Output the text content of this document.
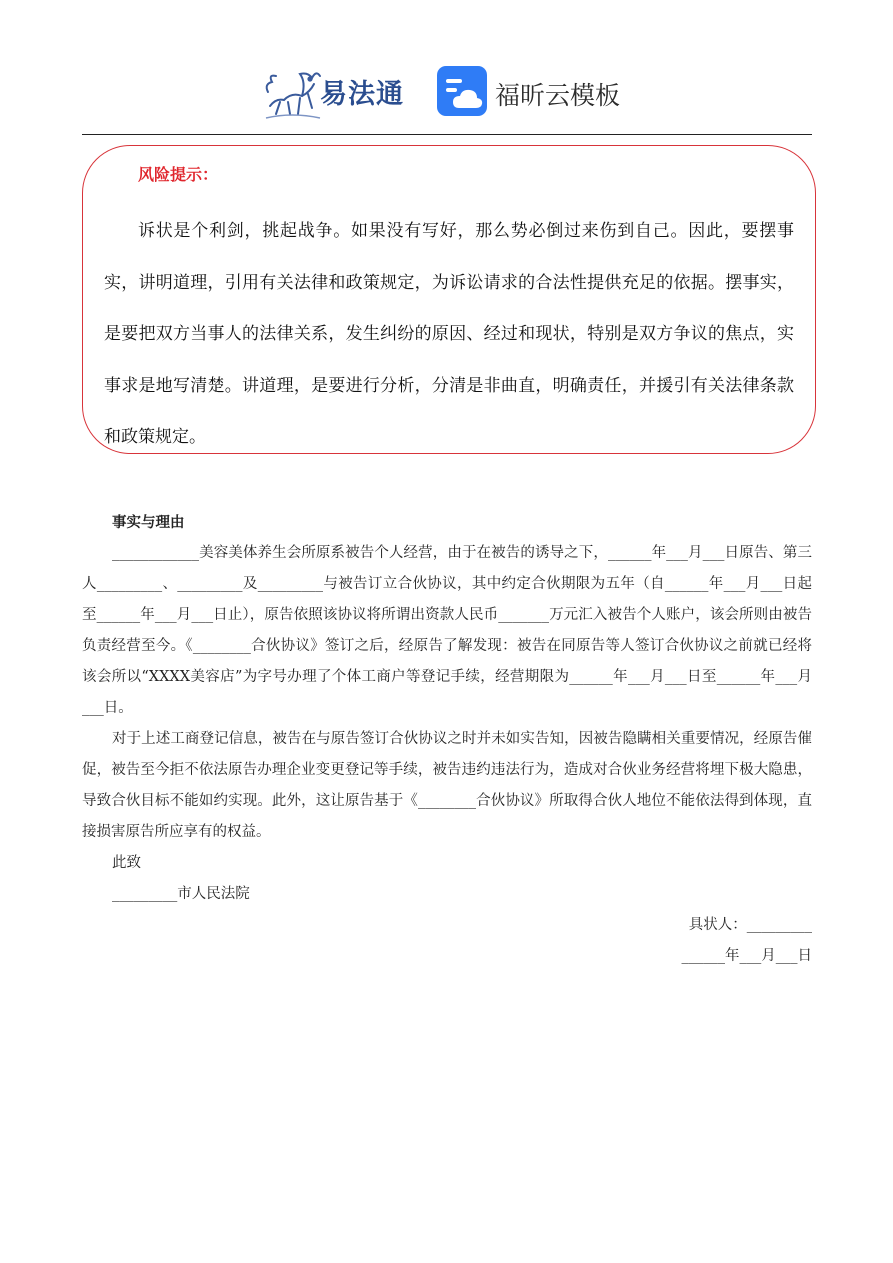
易法通	福昕云模板
风险提示：

诉状是个利剑，挑起战争。如果没有写好，那么势必倒过来伤到自己。因此，要摆事实，讲明道理，引用有关法律和政策规定，为诉讼请求的合法性提供充足的依据。摆事实，是要把双方当事人的法律关系，发生纠纷的原因、经过和现状，特别是双方争议的焦点，实事求是地写清楚。讲道理，是要进行分析，分清是非曲直，明确责任，并援引有关法律条款和政策规定。

事实与理由

____________美容美体养生会所原系被告个人经营，由于在被告的诱导之下，______年___月___日原告、第三人_________、_________及_________与被告订立合伙协议，其中约定合伙期限为五年（自______年___月___日起至______年___月___日止），原告依照该协议将所谓出资款人民币_______万元汇入被告个人账户，该会所则由被告负责经营至今。《________合伙协议》签订之后，经原告了解发现：被告在同原告等人签订合伙协议之前就已经将该会所以“XXXX美容店”为字号办理了个体工商户等登记手续，经营期限为______年___月___日至______年___月___日。

对于上述工商登记信息，被告在与原告签订合伙协议之时并未如实告知，因被告隐瞒相关重要情况，经原告催促，被告至今拒不依法原告办理企业变更登记等手续，被告违约违法行为，造成对合伙业务经营将埋下极大隐患，导致合伙目标不能如约实现。此外，这让原告基于《________合伙协议》所取得合伙人地位不能依法得到体现，直接损害原告所应享有的权益。

此致

_________市人民法院

具状人：_________

______年___月___日
